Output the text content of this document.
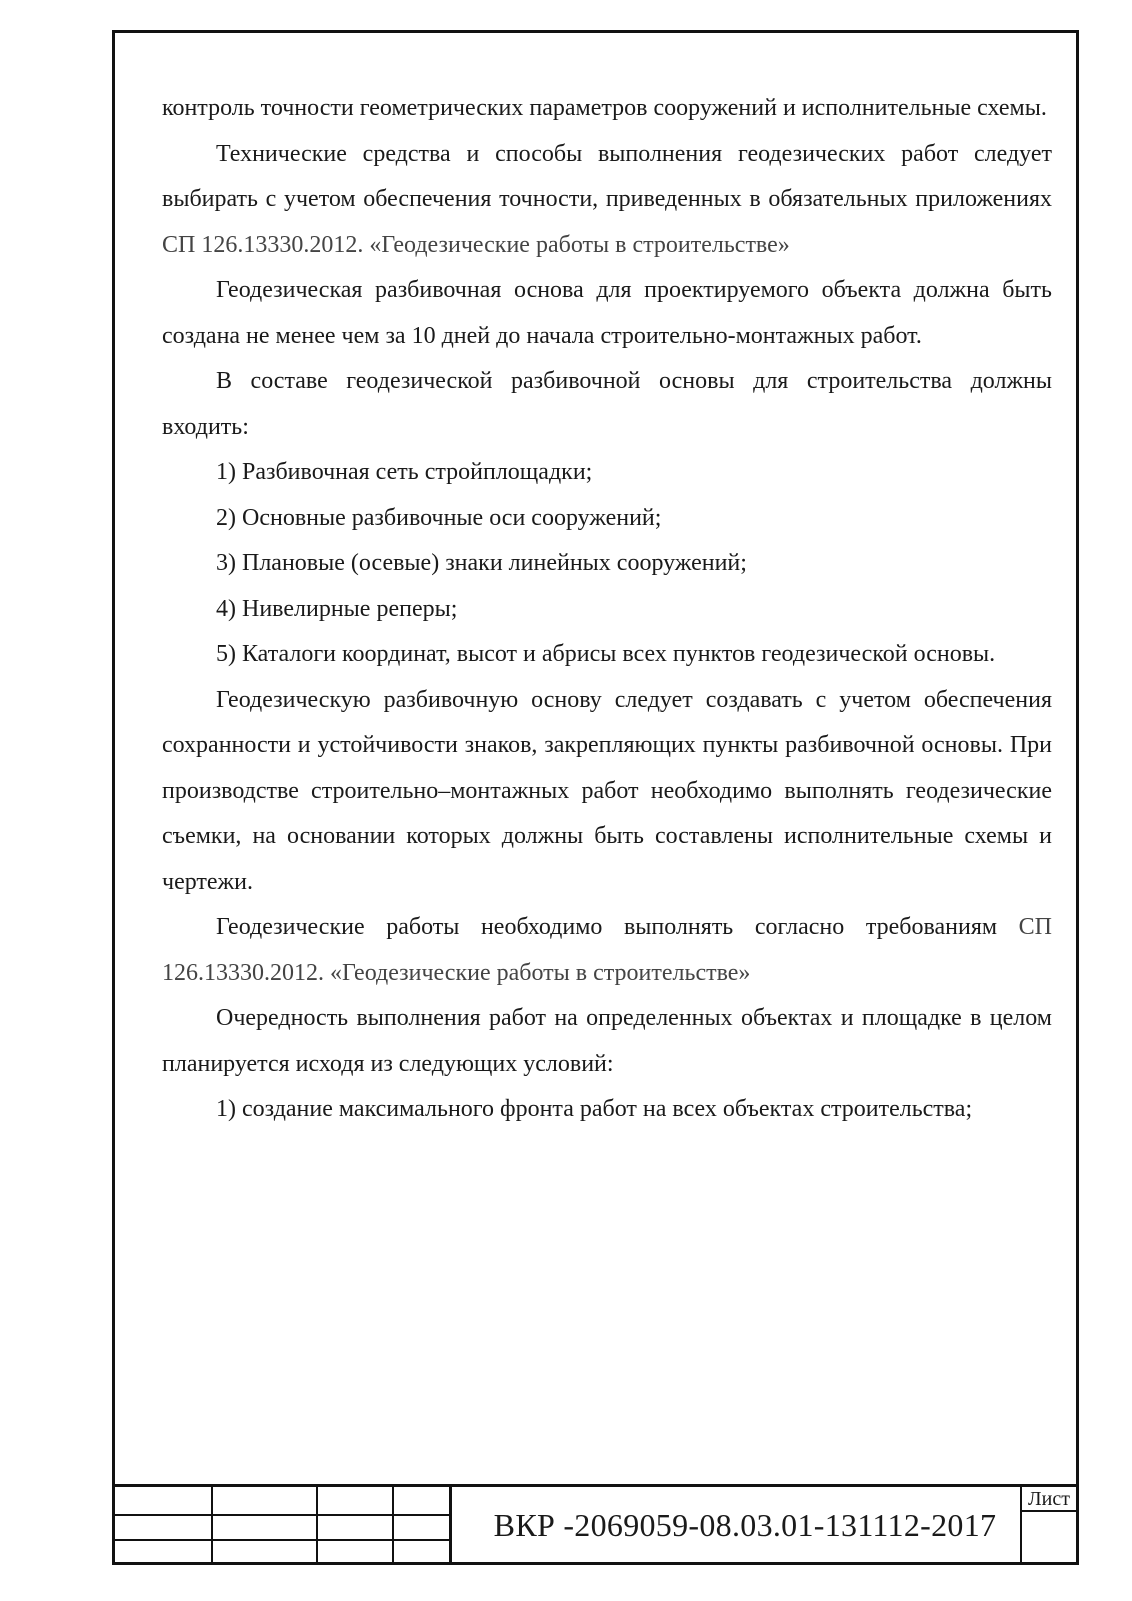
контроль точности геометрических параметров сооружений и исполнительные схемы.

Технические средства и способы выполнения геодезических работ следует выбирать с учетом обеспечения точности, приведенных в обязательных приложениях СП 126.13330.2012. «Геодезические работы в строительстве»

Геодезическая разбивочная основа для проектируемого объекта должна быть создана не менее чем за 10 дней до начала строительно-монтажных работ.

В составе геодезической разбивочной основы для строительства должны входить:

1) Разбивочная сеть стройплощадки;

2) Основные разбивочные оси сооружений;

3) Плановые (осевые) знаки линейных сооружений;

4) Нивелирные реперы;

5) Каталоги координат, высот и абрисы всех пунктов геодезической основы.

Геодезическую разбивочную основу следует создавать с учетом обеспечения сохранности и устойчивости знаков, закрепляющих пункты разбивочной основы. При производстве строительно–монтажных работ необходимо выполнять геодезические съемки, на основании которых должны быть составлены исполнительные схемы и чертежи.

Геодезические работы необходимо выполнять согласно требованиям СП 126.13330.2012. «Геодезические работы в строительстве»

Очередность выполнения работ на определенных объектах и площадке в целом планируется исходя из следующих условий:

1) создание максимального фронта работ на всех объектах строительства;

ВКР -2069059-08.03.01-131112-2017
Лист
